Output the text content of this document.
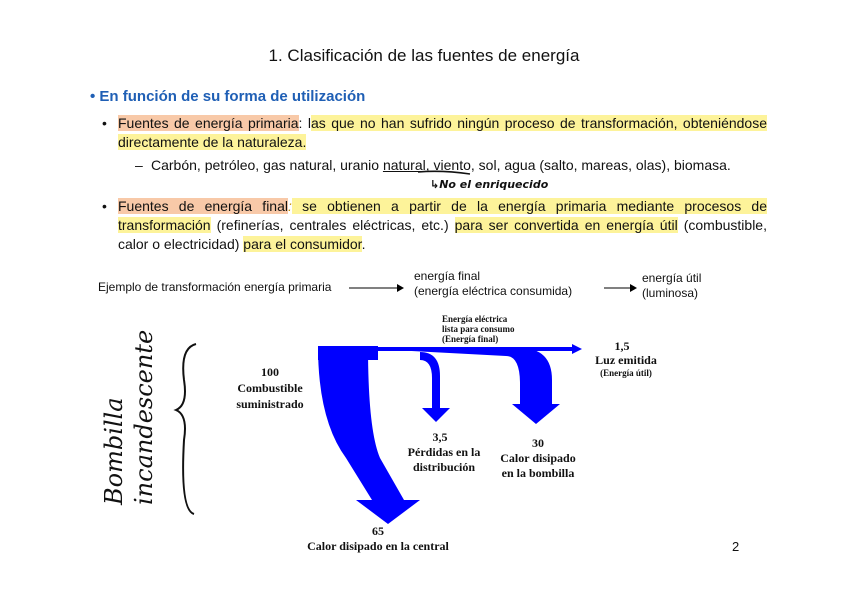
1. Clasificación de las fuentes de energía
• En función de su forma de utilización
• Fuentes de energía primaria: las que no han sufrido ningún proceso de transformación, obteniéndose directamente de la naturaleza.
– Carbón, petróleo, gas natural, uranio natural, viento, sol, agua (salto, mareas, olas), biomasa.
↳No el enriquecido
• Fuentes de energía final: se obtienen a partir de la energía primaria mediante procesos de transformación (refinerías, centrales eléctricas, etc.) para ser convertida en energía útil (combustible, calor o electricidad) para el consumidor.
Ejemplo de transformación energía primaria
energía final
(energía eléctrica consumida)
energía útil
(luminosa)
Bombilla incandescente	100
Combustible
suministrado
Energía eléctrica
lista para consumo
(Energía final)	1,5
Luz emitida
(Energía útil)
3,5
Pérdidas en la
distribución
30
Calor disipado
en la bombilla
65
Calor disipado en la central	2
